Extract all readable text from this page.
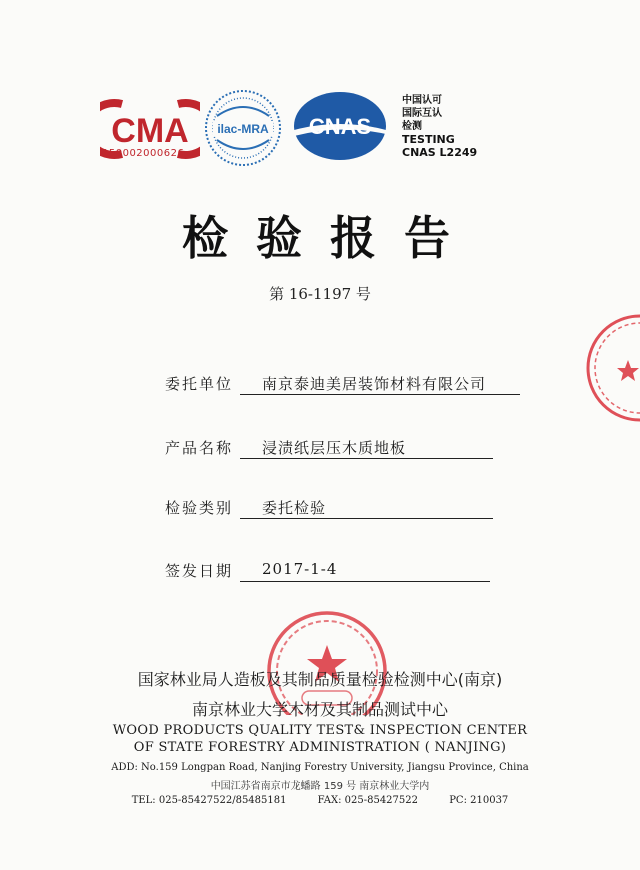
CMA
150002000626
ilac-MRA CNAS
中国认可
国际互认
检测
TESTING
CNAS L2249
检验报告
第 16-1197 号
委托单位	南京泰迪美居装饰材料有限公司
产品名称	浸渍纸层压木质地板
检验类别	委托检验
签发日期	2017-1-4
国家林业局人造板及其制品质量检验检测中心(南京)
南京林业大学木材及其制品测试中心
WOOD PRODUCTS QUALITY TEST& INSPECTION CENTER
OF STATE FORESTRY ADMINISTRATION ( NANJING)
ADD: No.159 Longpan Road, Nanjing Forestry University, Jiangsu Province, China
中国江苏省南京市龙蟠路 159 号 南京林业大学内
TEL: 025-85427522/85485181	FAX: 025-85427522	PC: 210037
